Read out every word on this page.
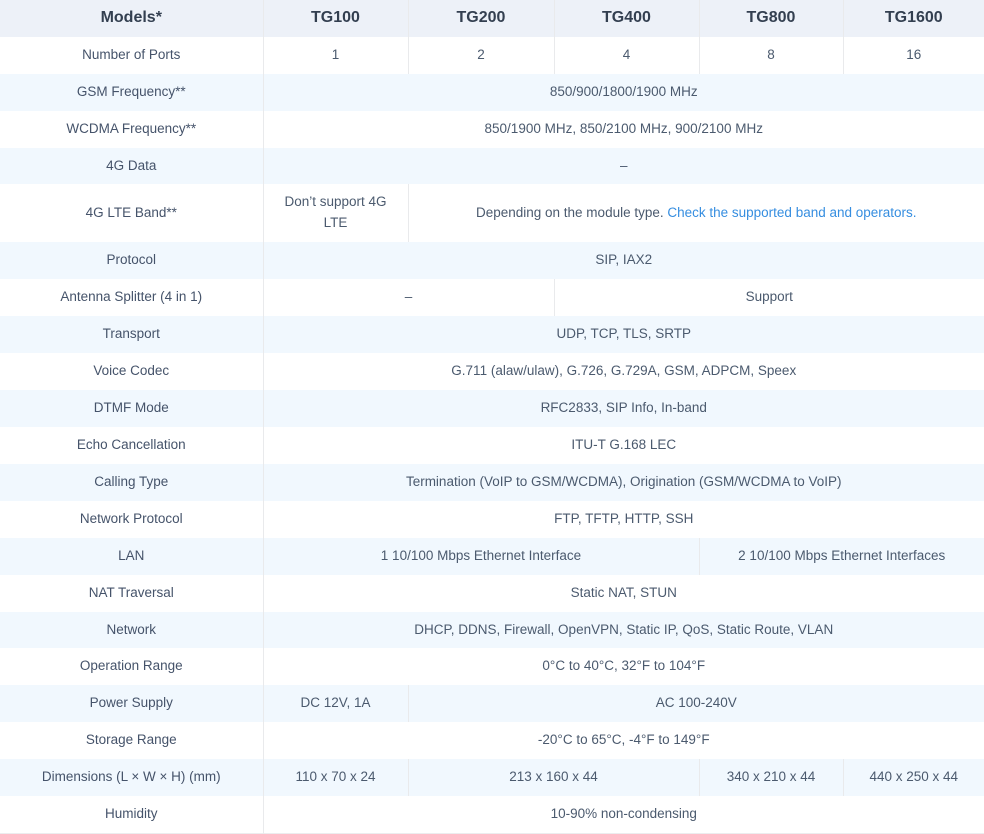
Models*	TG100	TG200	TG400	TG800	TG1600
Number of Ports	1	2	4	8	16
GSM Frequency**	850/900/1800/1900 MHz				
WCDMA Frequency**	850/1900 MHz, 850/2100 MHz, 900/2100 MHz				
4G Data	–				
4G LTE Band**	Don’t support 4G LTE	Depending on the module type. Check the supported band and operators.			
Protocol	SIP, IAX2				
Antenna Splitter (4 in 1)	–		Support		
Transport	UDP, TCP, TLS, SRTP				
Voice Codec	G.711 (alaw/ulaw), G.726, G.729A, GSM, ADPCM, Speex				
DTMF Mode	RFC2833, SIP Info, In-band				
Echo Cancellation	ITU-T G.168 LEC				
Calling Type	Termination (VoIP to GSM/WCDMA), Origination (GSM/WCDMA to VoIP)				
Network Protocol	FTP, TFTP, HTTP, SSH				
LAN	1 10/100 Mbps Ethernet Interface			2 10/100 Mbps Ethernet Interfaces	
NAT Traversal	Static NAT, STUN				
Network	DHCP, DDNS, Firewall, OpenVPN, Static IP, QoS, Static Route, VLAN				
Operation Range	0°C to 40°C, 32°F to 104°F				
Power Supply	DC 12V, 1A	AC 100-240V			
Storage Range	-20°C to 65°C, -4°F to 149°F				
Dimensions (L × W × H) (mm)	110 x 70 x 24	213 x 160 x 44		340 x 210 x 44	440 x 250 x 44
Humidity	10-90% non-condensing				
